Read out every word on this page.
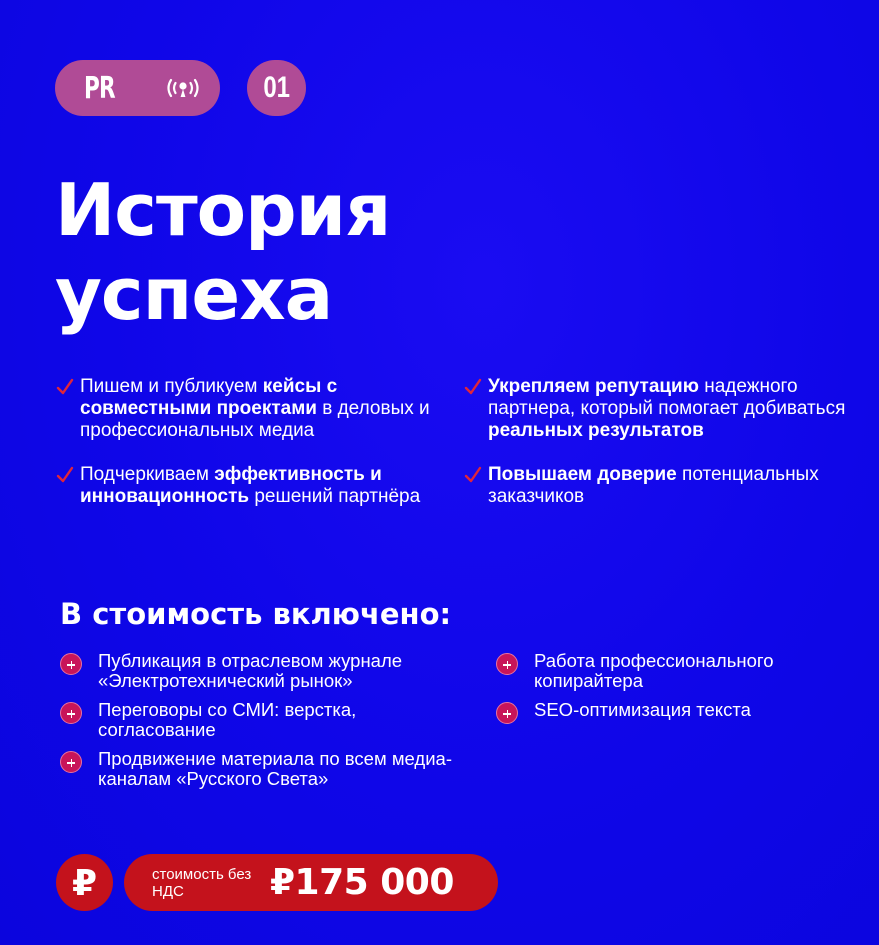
PR	01
История
успеха
Пишем и публикуем кейсы с совместными проектами в деловых и профессиональных медиа
Подчеркиваем эффективность и инновационность решений партнёра
Укрепляем репутацию надежного партнера, который помогает добиваться реальных результатов
Повышаем доверие потенциальных заказчиков
В стоимость включено:
Публикация в отраслевом журнале «Электротехнический рынок»
Переговоры со СМИ: верстка, согласование
Продвижение материала по всем медиа-каналам «Русского Света»
Работа профессионального копирайтера
SEO-оптимизация текста
₽	стоимость без НДС	₽175 000
